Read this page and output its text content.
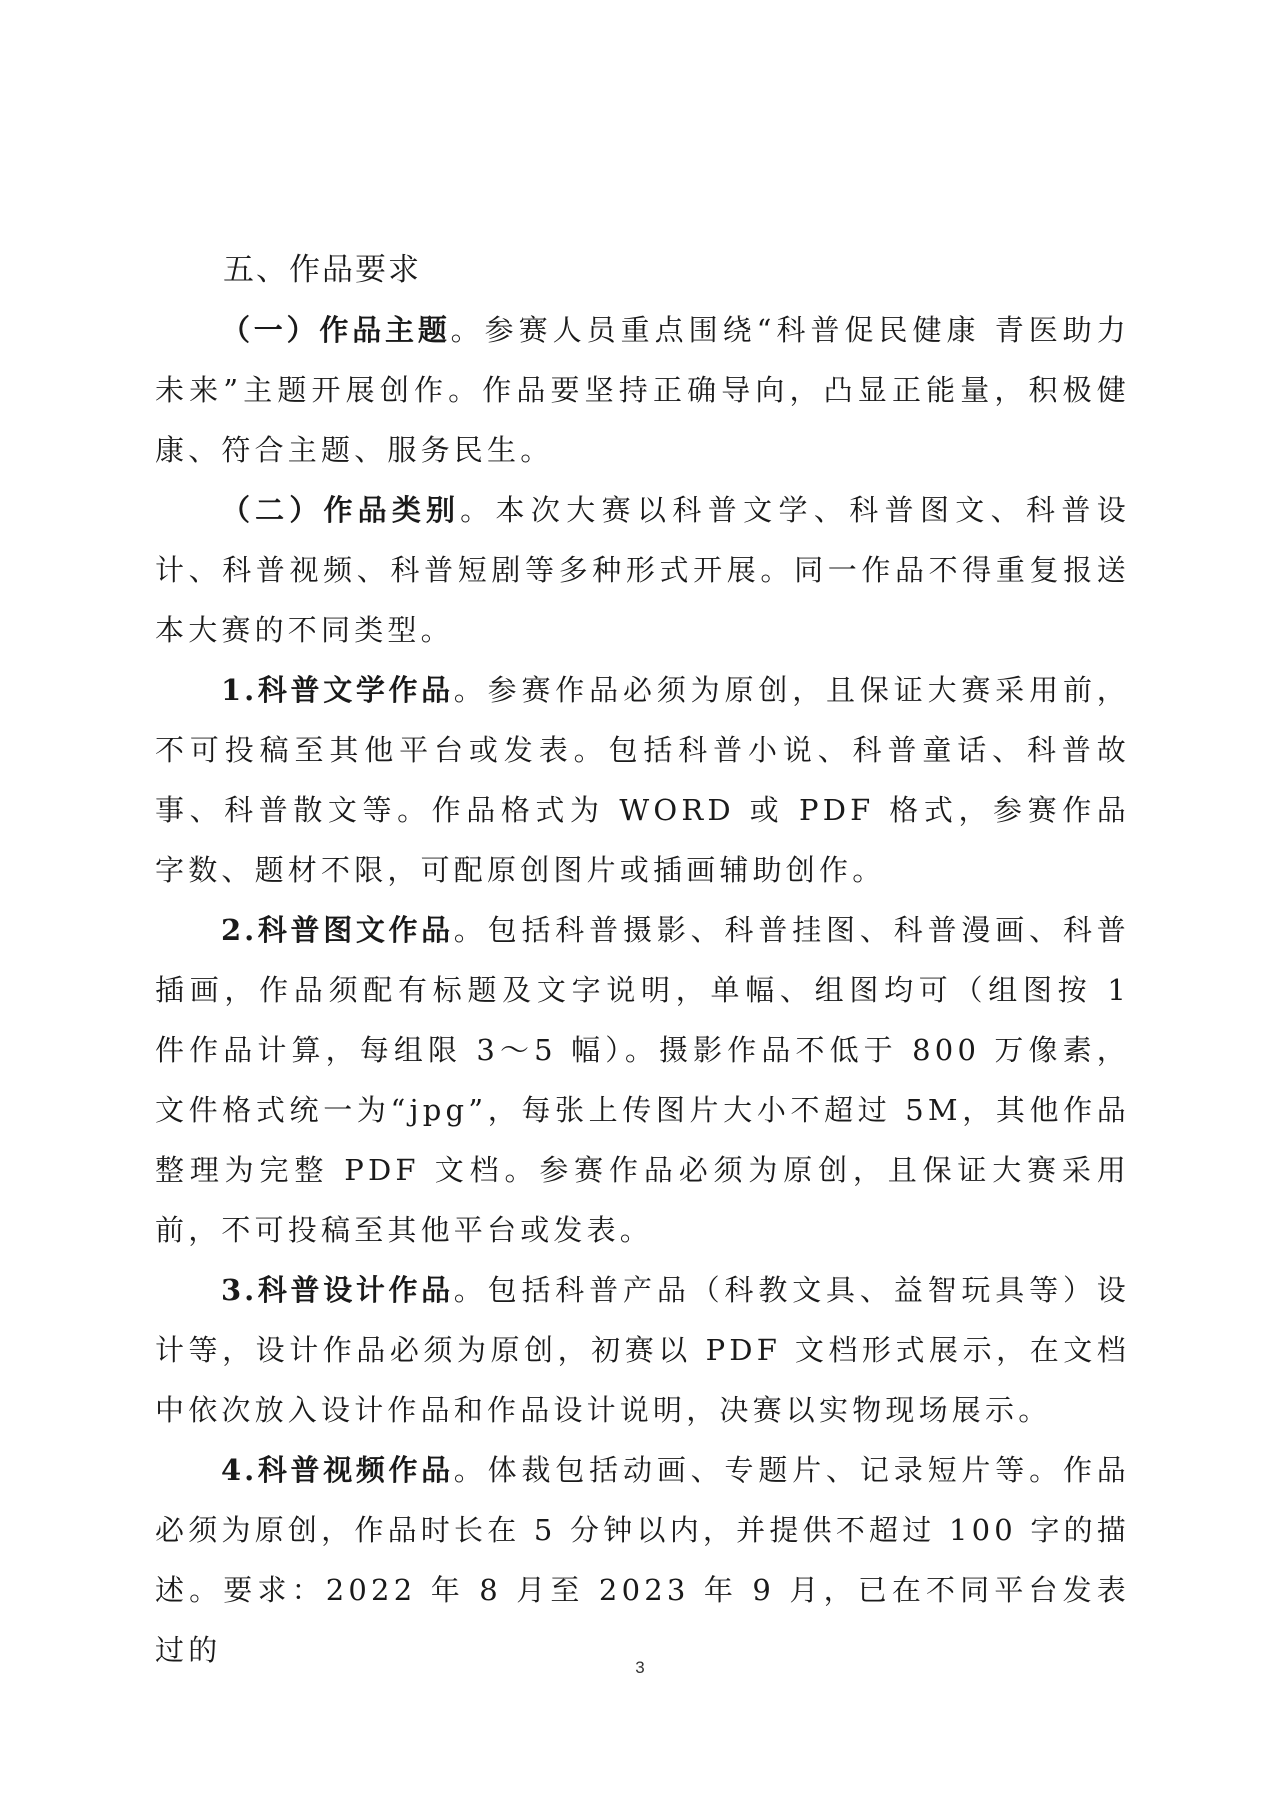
五、作品要求

（一）作品主题。参赛人员重点围绕“科普促民健康 青医助力未来”主题开展创作。作品要坚持正确导向，凸显正能量，积极健康、符合主题、服务民生。

（二）作品类别。本次大赛以科普文学、科普图文、科普设计、科普视频、科普短剧等多种形式开展。同一作品不得重复报送本大赛的不同类型。

1.科普文学作品。参赛作品必须为原创，且保证大赛采用前，不可投稿至其他平台或发表。包括科普小说、科普童话、科普故事、科普散文等。作品格式为 WORD 或 PDF 格式，参赛作品字数、题材不限，可配原创图片或插画辅助创作。

2.科普图文作品。包括科普摄影、科普挂图、科普漫画、科普插画，作品须配有标题及文字说明，单幅、组图均可（组图按 1 件作品计算，每组限 3～5 幅）。摄影作品不低于 800 万像素，文件格式统一为“jpg”，每张上传图片大小不超过 5M，其他作品整理为完整 PDF 文档。参赛作品必须为原创，且保证大赛采用前，不可投稿至其他平台或发表。

3.科普设计作品。包括科普产品（科教文具、益智玩具等）设计等，设计作品必须为原创，初赛以 PDF 文档形式展示，在文档中依次放入设计作品和作品设计说明，决赛以实物现场展示。

4.科普视频作品。体裁包括动画、专题片、记录短片等。作品必须为原创，作品时长在 5 分钟以内，并提供不超过 100 字的描述。要求：2022 年 8 月至 2023 年 9 月，已在不同平台发表过的

3
